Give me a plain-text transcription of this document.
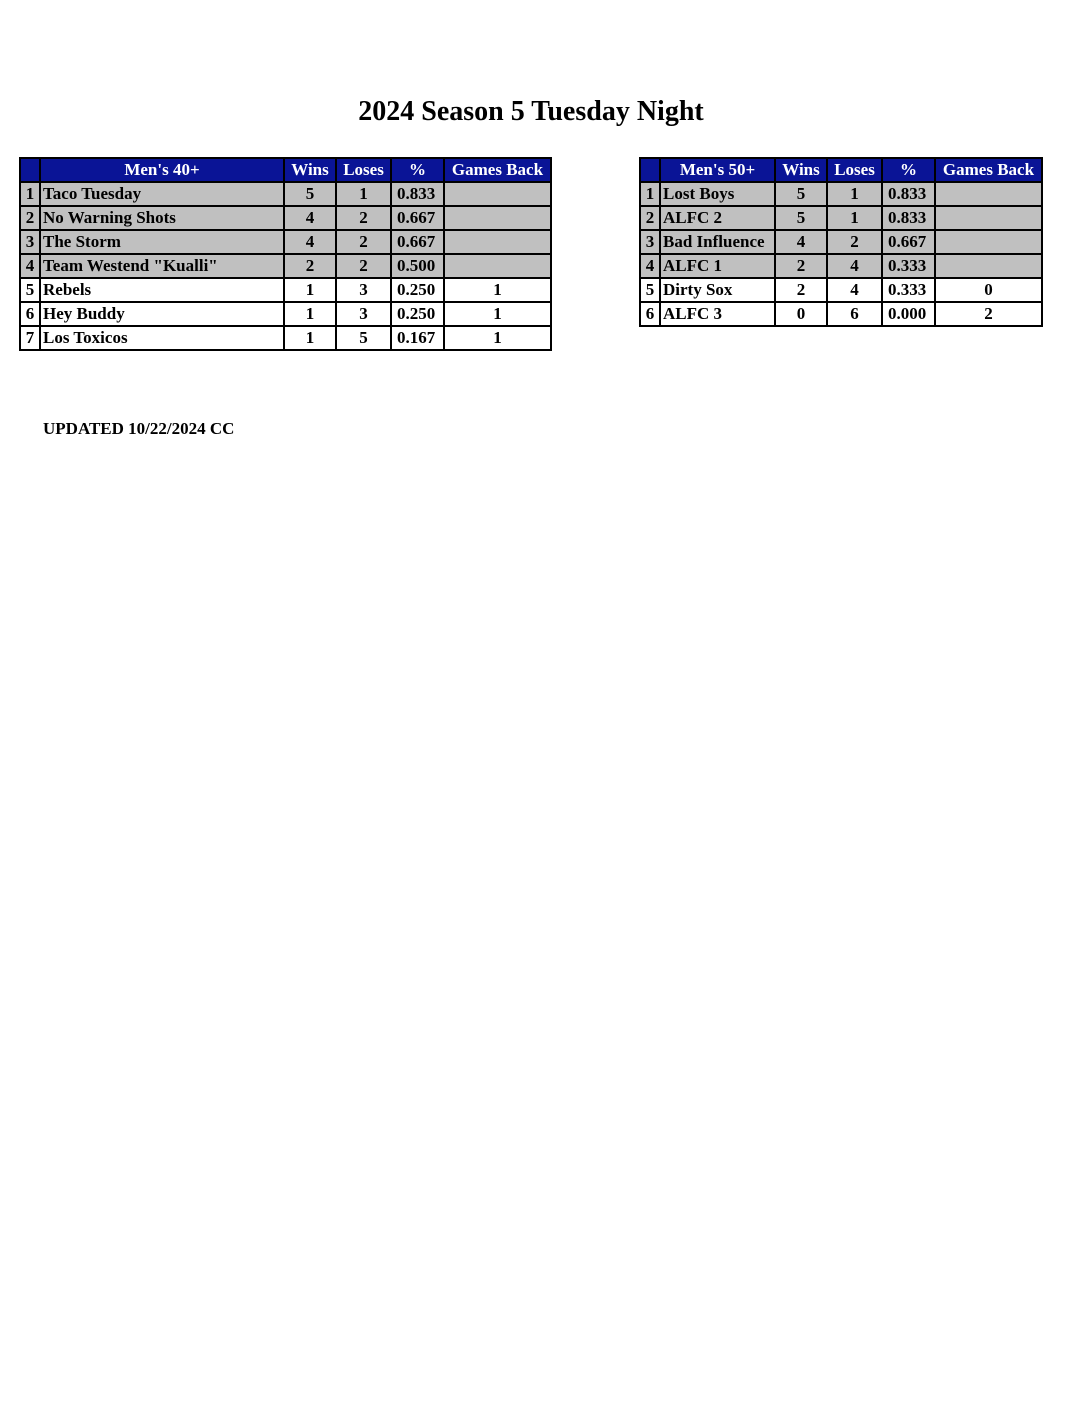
2024 Season 5 Tuesday Night
	Men's 40+	Wins	Loses	%	Games Back
1	Taco Tuesday	5	1	0.833	
2	No Warning Shots	4	2	0.667	
3	The Storm	4	2	0.667	
4	Team Westend "Kualli"	2	2	0.500	
5	Rebels	1	3	0.250	1
6	Hey Buddy	1	3	0.250	1
7	Los Toxicos	1	5	0.167	1
	Men's 50+	Wins	Loses	%	Games Back
1	Lost Boys	5	1	0.833	
2	ALFC 2	5	1	0.833	
3	Bad Influence	4	2	0.667	
4	ALFC 1	2	4	0.333	
5	Dirty Sox	2	4	0.333	0
6	ALFC 3	0	6	0.000	2

UPDATED 10/22/2024 CC
